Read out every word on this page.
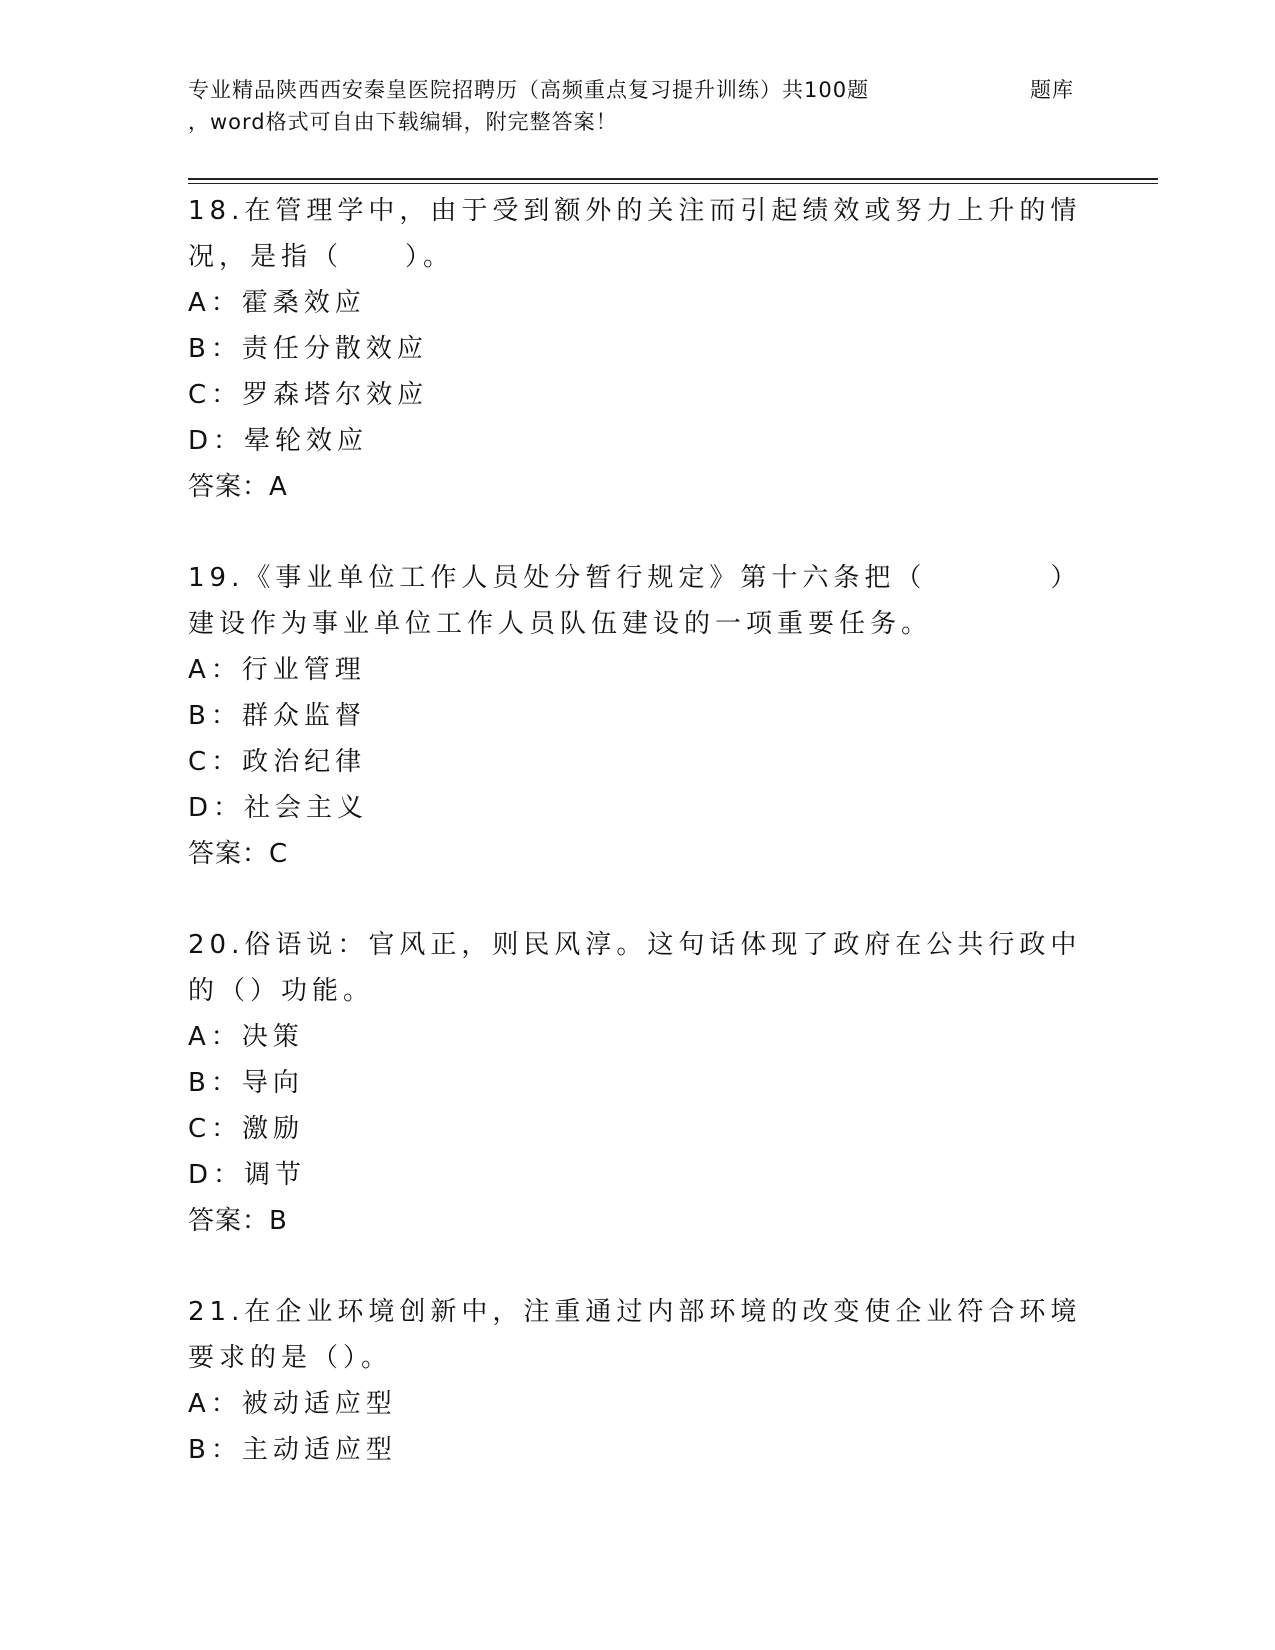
专业精品陕西西安秦皇医院招聘历（高频重点复习提升训练）共100题	题库
，word格式可自由下载编辑，附完整答案！
18.在管理学中，由于受到额外的关注而引起绩效或努力上升的情况，是指（　　）。
A：霍桑效应
B：责任分散效应
C：罗森塔尔效应
D：晕轮效应
答案：A
19.《事业单位工作人员处分暂行规定》第十六条把（　　　　）建设作为事业单位工作人员队伍建设的一项重要任务。
A：行业管理
B：群众监督
C：政治纪律
D：社会主义
答案：C
20.俗语说：官风正，则民风淳。这句话体现了政府在公共行政中的（）功能。
A：决策
B：导向
C：激励
D：调节
答案：B
21.在企业环境创新中，注重通过内部环境的改变使企业符合环境要求的是（）。
A：被动适应型
B：主动适应型
